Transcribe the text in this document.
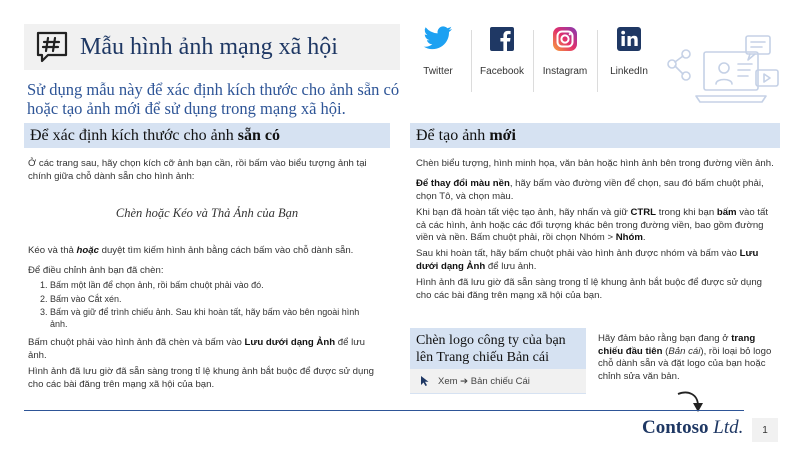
Mẫu hình ảnh mạng xã hội
Sử dụng mẫu này để xác định kích thước cho ảnh sẵn có hoặc tạo ảnh mới để sử dụng trong mạng xã hội.
Twitter	Facebook Instagram LinkedIn
Để xác định kích thước cho ảnh sẵn có
Ở các trang sau, hãy chọn kích cỡ ảnh bạn cần, rồi bấm vào biểu tượng ảnh tại chính giữa chỗ dành sẵn cho hình ảnh:
Chèn hoặc Kéo và Thả Ảnh của Bạn
Kéo và thả hoặc duyệt tìm kiếm hình ảnh bằng cách bấm vào chỗ dành sẵn.
Để điều chỉnh ảnh bạn đã chèn:
1. Bấm một lần để chọn ảnh, rồi bấm chuột phải vào đó.
2. Bấm vào Cắt xén.
3. Bấm và giữ để trình chiếu ảnh. Sau khi hoàn tất, hãy bấm vào bên ngoài hình ảnh.
Bấm chuột phải vào hình ảnh đã chèn và bấm vào Lưu dưới dạng Ảnh để lưu ảnh.
Hình ảnh đã lưu giờ đã sẵn sàng trong tỉ lệ khung ảnh bắt buộc để được sử dụng cho các bài đăng trên mạng xã hội của bạn.
Để tạo ảnh mới
Chèn biểu tượng, hình minh họa, văn bản hoặc hình ảnh bên trong đường viền ảnh.
Để thay đổi màu nền, hãy bấm vào đường viền để chọn, sau đó bấm chuột phải, chọn Tô, và chọn màu.
Khi bạn đã hoàn tất việc tạo ảnh, hãy nhấn và giữ CTRL trong khi bạn bấm vào tất cả các hình, ảnh hoặc các đối tượng khác bên trong đường viền, bao gồm đường viền và nền. Bấm chuột phải, rồi chọn Nhóm > Nhóm.
Sau khi hoàn tất, hãy bấm chuột phải vào hình ảnh được nhóm và bấm vào Lưu dưới dạng Ảnh để lưu ảnh.
Hình ảnh đã lưu giờ đã sẵn sàng trong tỉ lệ khung ảnh bắt buộc để được sử dụng cho các bài đăng trên mạng xã hội của bạn.
Chèn logo công ty của bạn lên Trang chiếu Bản cái
Xem ➔ Bản chiếu Cái
Hãy đảm bảo rằng bạn đang ở trang chiếu đầu tiên (Bản cái), rồi loại bỏ logo chỗ dành sẵn và đặt logo của bạn hoặc chỉnh sửa văn bản.
Contoso Ltd.	1
